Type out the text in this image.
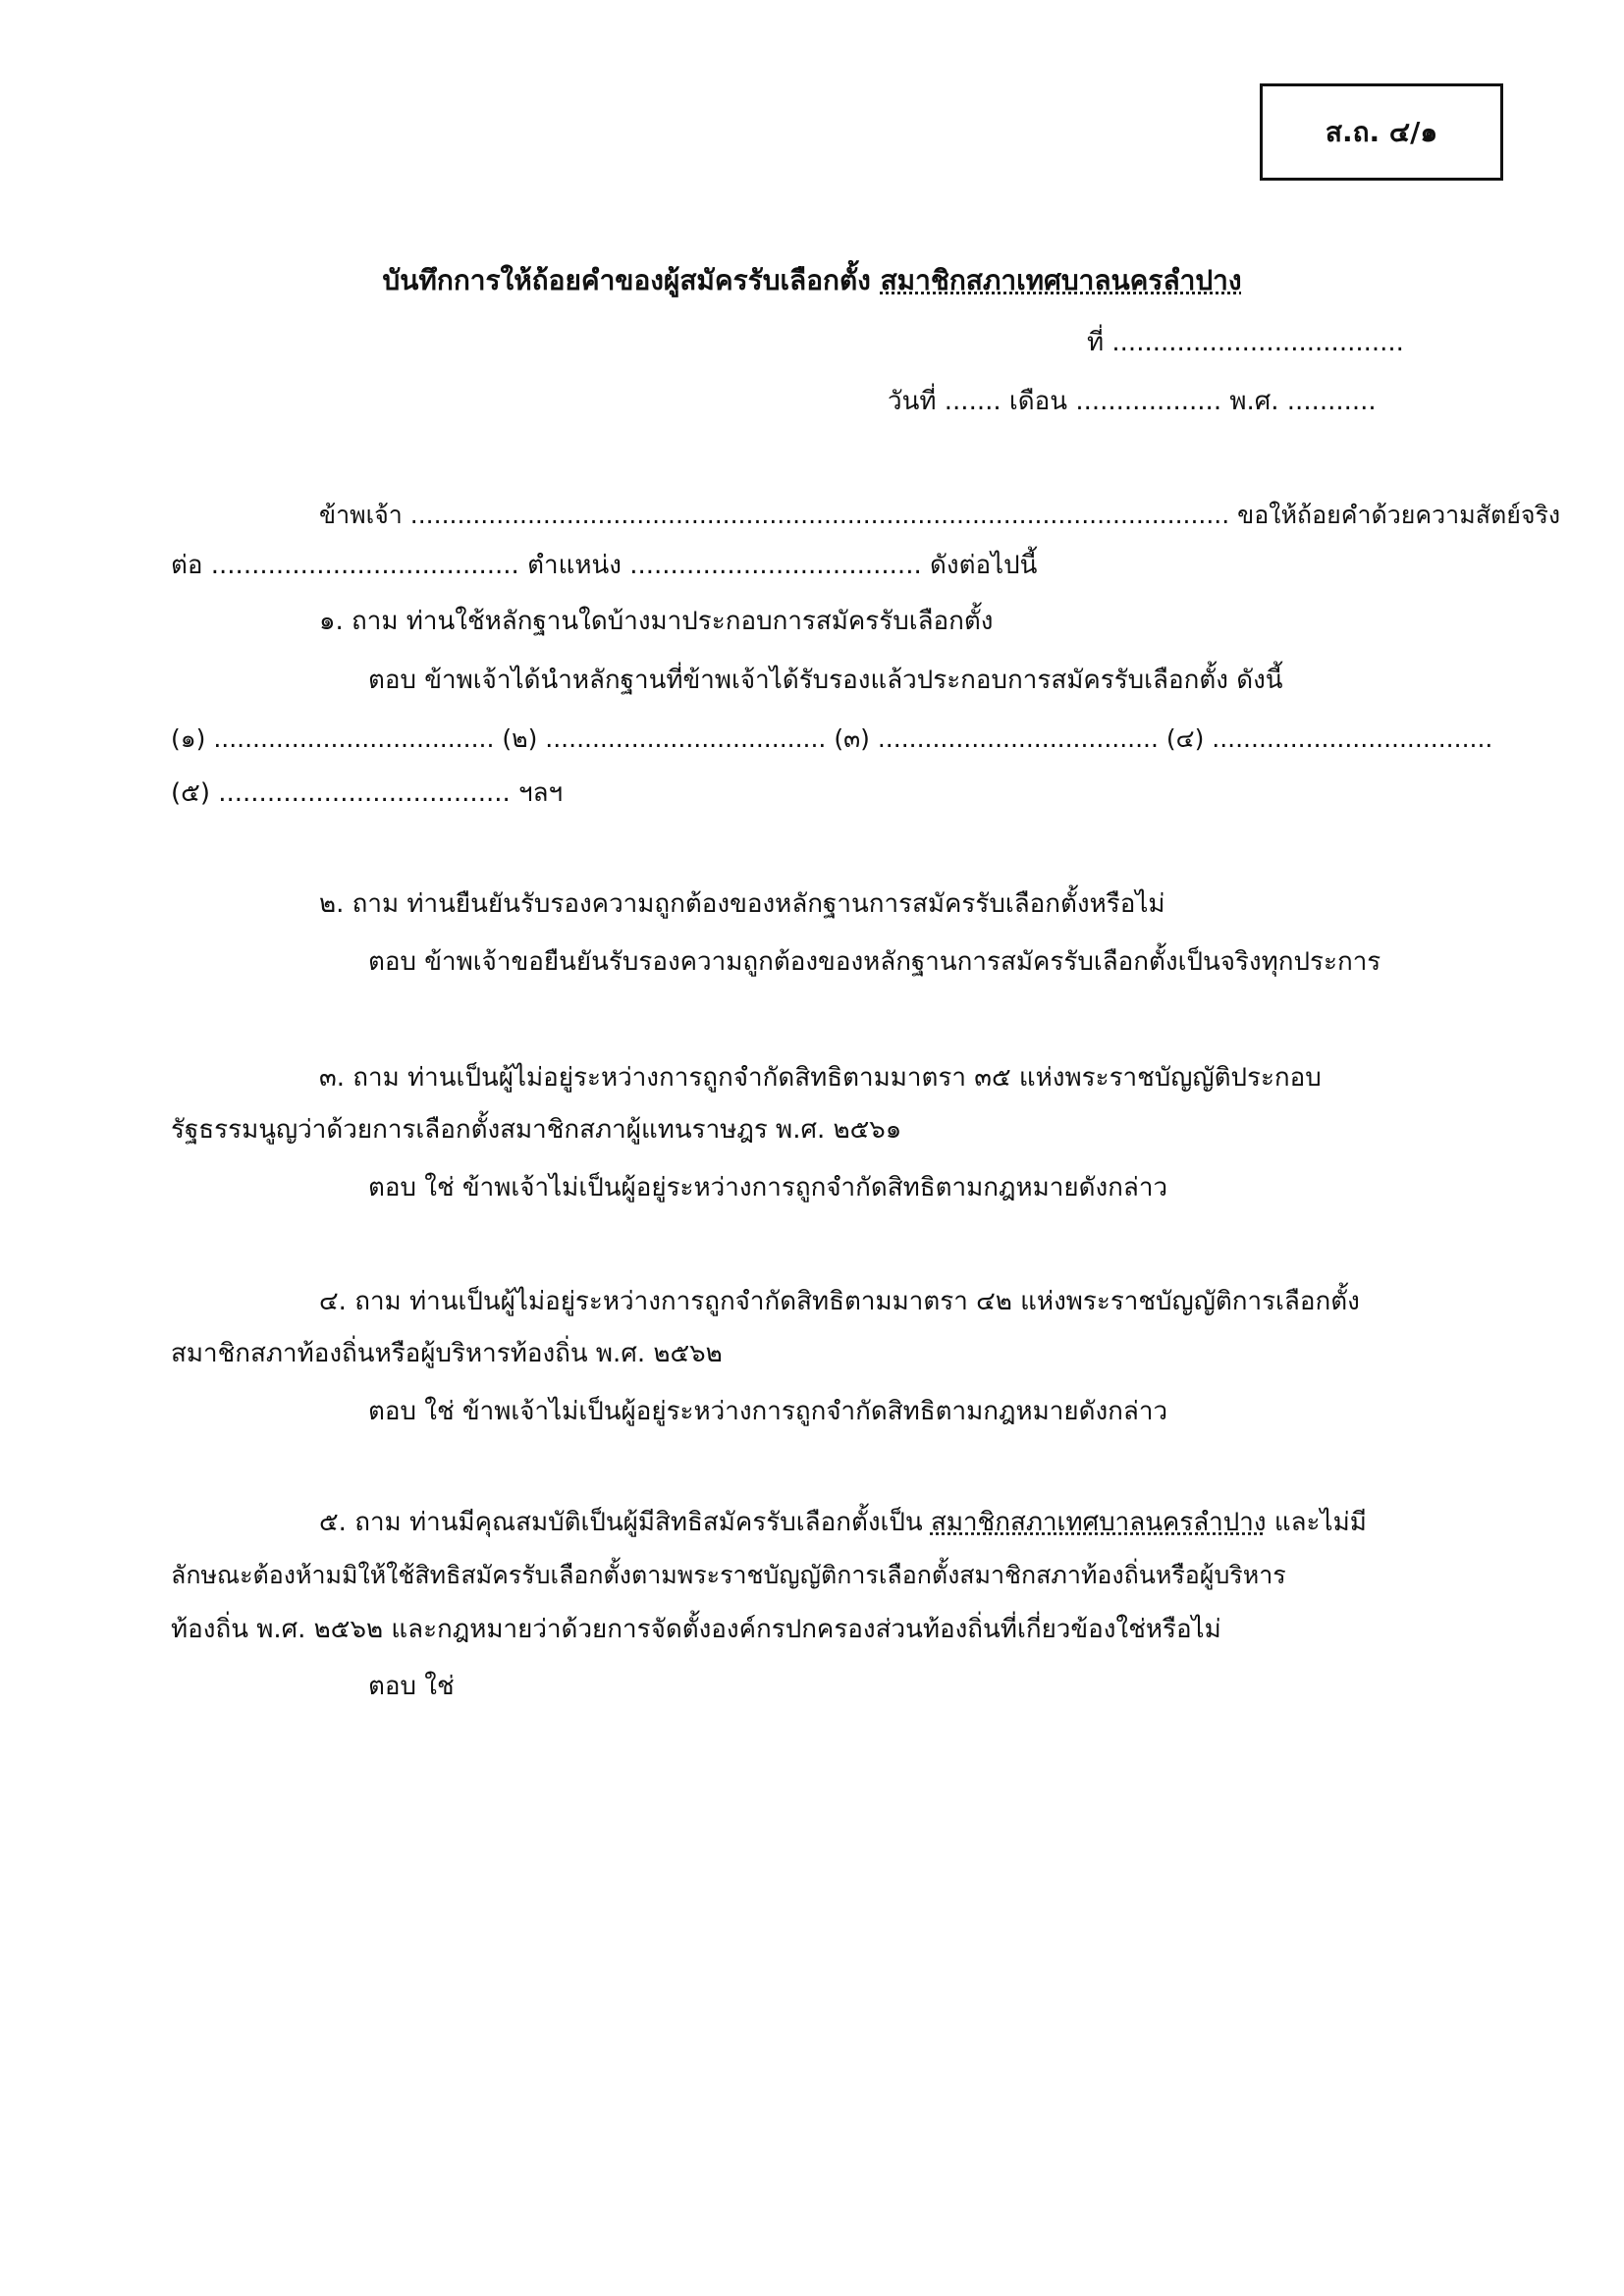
ส.ถ. ๔/๑
บันทึกการให้ถ้อยคำของผู้สมัครรับเลือกตั้ง สมาชิกสภาเทศบาลนครลำปาง
ที่ ....................................
วันที่ ....... เดือน .................. พ.ศ. ...........
ข้าพเจ้า ......................................................................................................... ขอให้ถ้อยคำด้วยความสัตย์จริง
ต่อ ...................................... ตำแหน่ง .................................... ดังต่อไปนี้
๑. ถาม ท่านใช้หลักฐานใดบ้างมาประกอบการสมัครรับเลือกตั้ง
ตอบ ข้าพเจ้าได้นำหลักฐานที่ข้าพเจ้าได้รับรองแล้วประกอบการสมัครรับเลือกตั้ง ดังนี้
(๑) .................................... (๒) .................................... (๓) .................................... (๔) ....................................
(๕) .................................... ฯลฯ
๒. ถาม ท่านยืนยันรับรองความถูกต้องของหลักฐานการสมัครรับเลือกตั้งหรือไม่
ตอบ ข้าพเจ้าขอยืนยันรับรองความถูกต้องของหลักฐานการสมัครรับเลือกตั้งเป็นจริงทุกประการ
๓. ถาม ท่านเป็นผู้ไม่อยู่ระหว่างการถูกจำกัดสิทธิตามมาตรา ๓๕ แห่งพระราชบัญญัติประกอบ
รัฐธรรมนูญว่าด้วยการเลือกตั้งสมาชิกสภาผู้แทนราษฎร พ.ศ. ๒๕๖๑
ตอบ ใช่ ข้าพเจ้าไม่เป็นผู้อยู่ระหว่างการถูกจำกัดสิทธิตามกฎหมายดังกล่าว
๔. ถาม ท่านเป็นผู้ไม่อยู่ระหว่างการถูกจำกัดสิทธิตามมาตรา ๔๒ แห่งพระราชบัญญัติการเลือกตั้ง
สมาชิกสภาท้องถิ่นหรือผู้บริหารท้องถิ่น พ.ศ. ๒๕๖๒
ตอบ ใช่ ข้าพเจ้าไม่เป็นผู้อยู่ระหว่างการถูกจำกัดสิทธิตามกฎหมายดังกล่าว
๕. ถาม ท่านมีคุณสมบัติเป็นผู้มีสิทธิสมัครรับเลือกตั้งเป็น สมาชิกสภาเทศบาลนครลำปาง และไม่มี
ลักษณะต้องห้ามมิให้ใช้สิทธิสมัครรับเลือกตั้งตามพระราชบัญญัติการเลือกตั้งสมาชิกสภาท้องถิ่นหรือผู้บริหาร
ท้องถิ่น พ.ศ. ๒๕๖๒ และกฎหมายว่าด้วยการจัดตั้งองค์กรปกครองส่วนท้องถิ่นที่เกี่ยวข้องใช่หรือไม่
ตอบ ใช่
